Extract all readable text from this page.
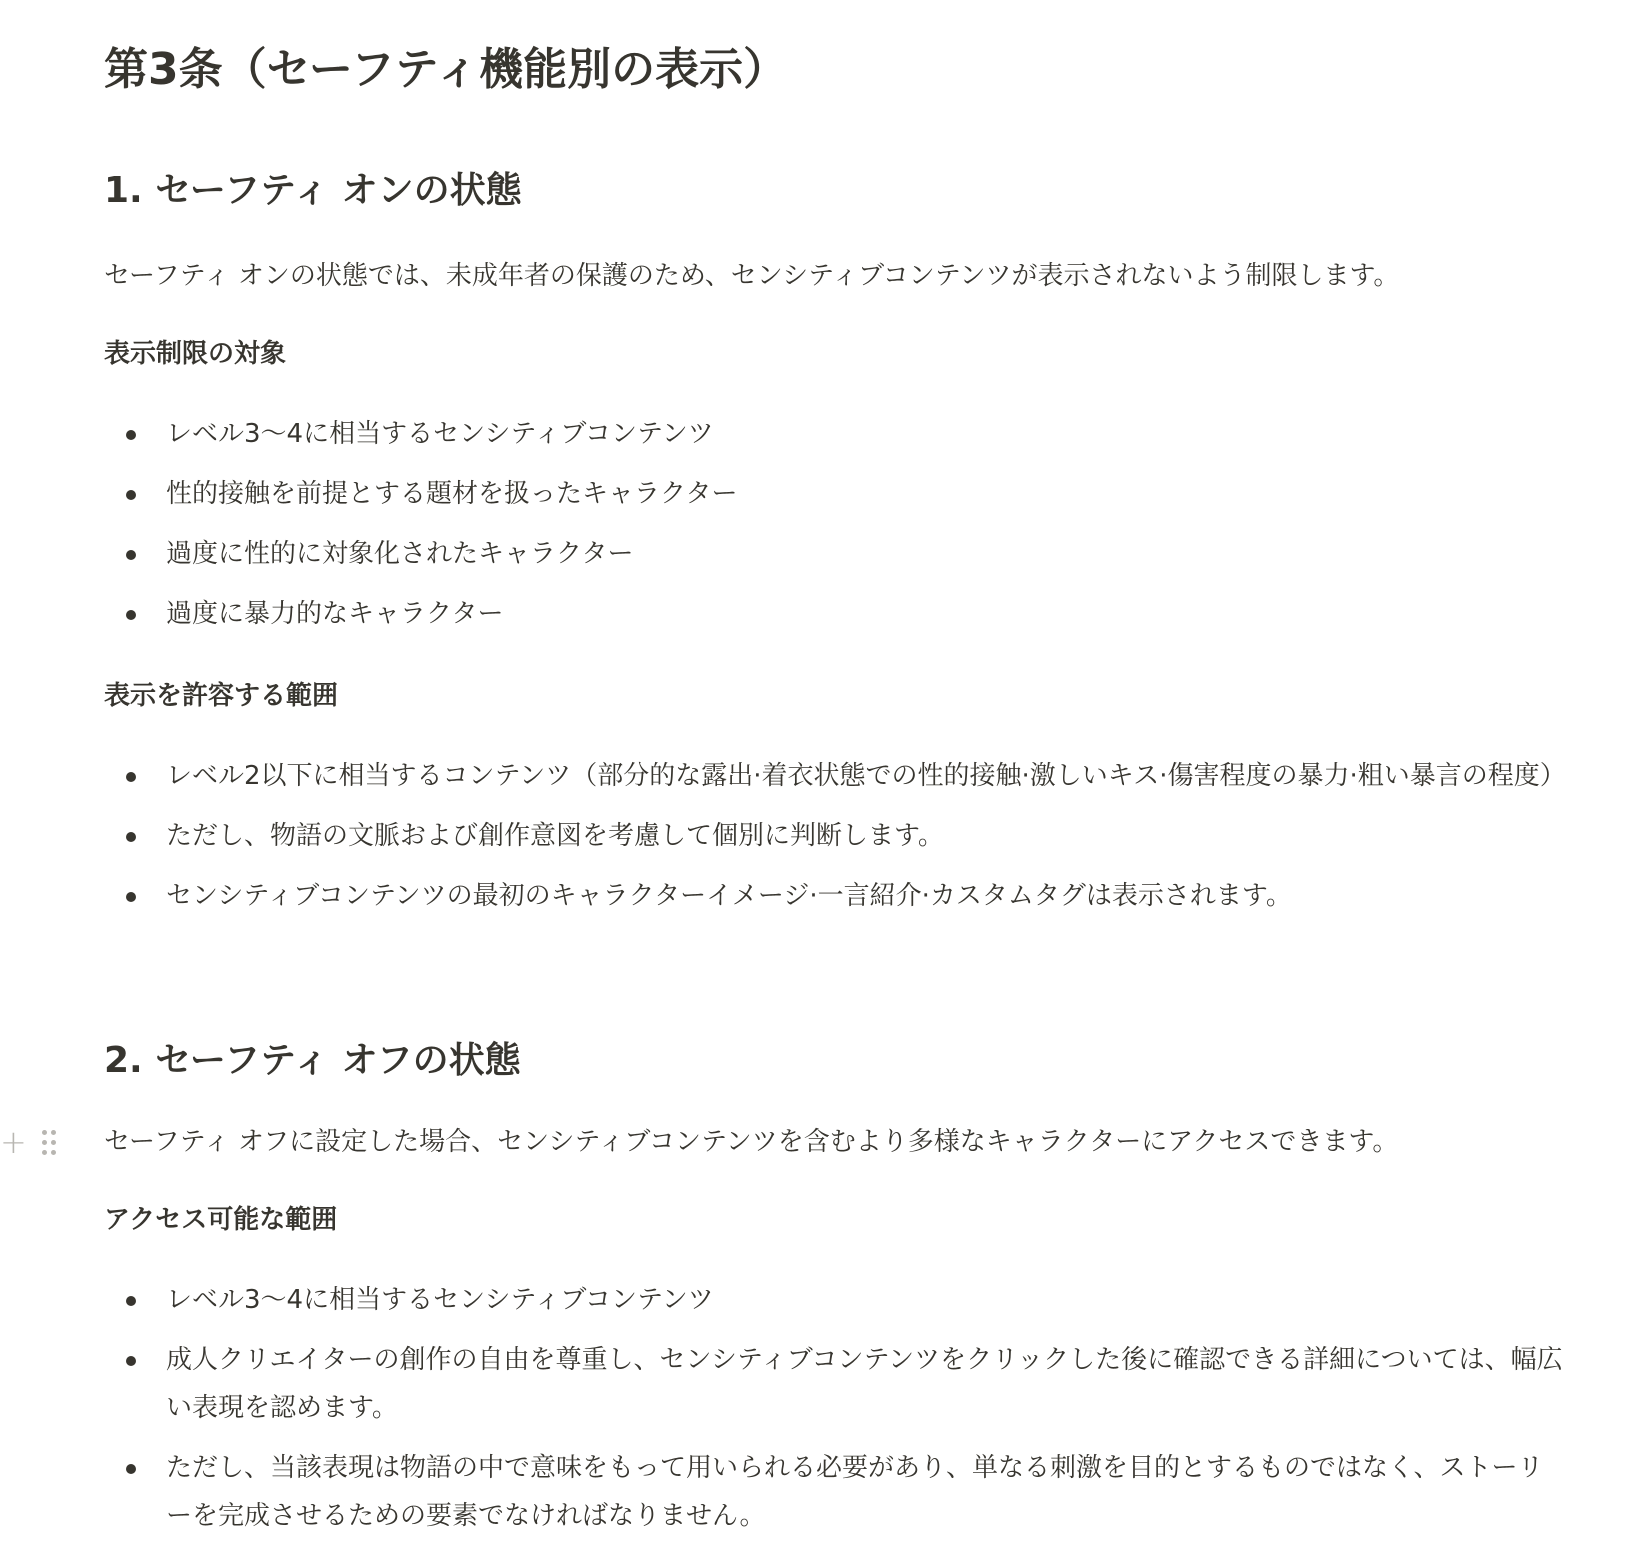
+
第3条（セーフティ機能別の表示）
1. セーフティ オンの状態

セーフティ オンの状態では、未成年者の保護のため、センシティブコンテンツが表示されないよう制限します。

表示制限の対象
レベル3～4に相当するセンシティブコンテンツ
性的接触を前提とする題材を扱ったキャラクター
過度に性的に対象化されたキャラクター
過度に暴力的なキャラクター
表示を許容する範囲
レベル2以下に相当するコンテンツ（部分的な露出·着衣状態での性的接触·激しいキス·傷害程度の暴力·粗い暴言の程度）
ただし、物語の文脈および創作意図を考慮して個別に判断します。
センシティブコンテンツの最初のキャラクターイメージ·一言紹介·カスタムタグは表示されます。
2. セーフティ オフの状態

セーフティ オフに設定した場合、センシティブコンテンツを含むより多様なキャラクターにアクセスできます。

アクセス可能な範囲
レベル3～4に相当するセンシティブコンテンツ
成人クリエイターの創作の自由を尊重し、センシティブコンテンツをクリックした後に確認できる詳細については、幅広い表現を認めます。
ただし、当該表現は物語の中で意味をもって用いられる必要があり、単なる刺激を目的とするものではなく、ストーリーを完成させるための要素でなければなりません。
